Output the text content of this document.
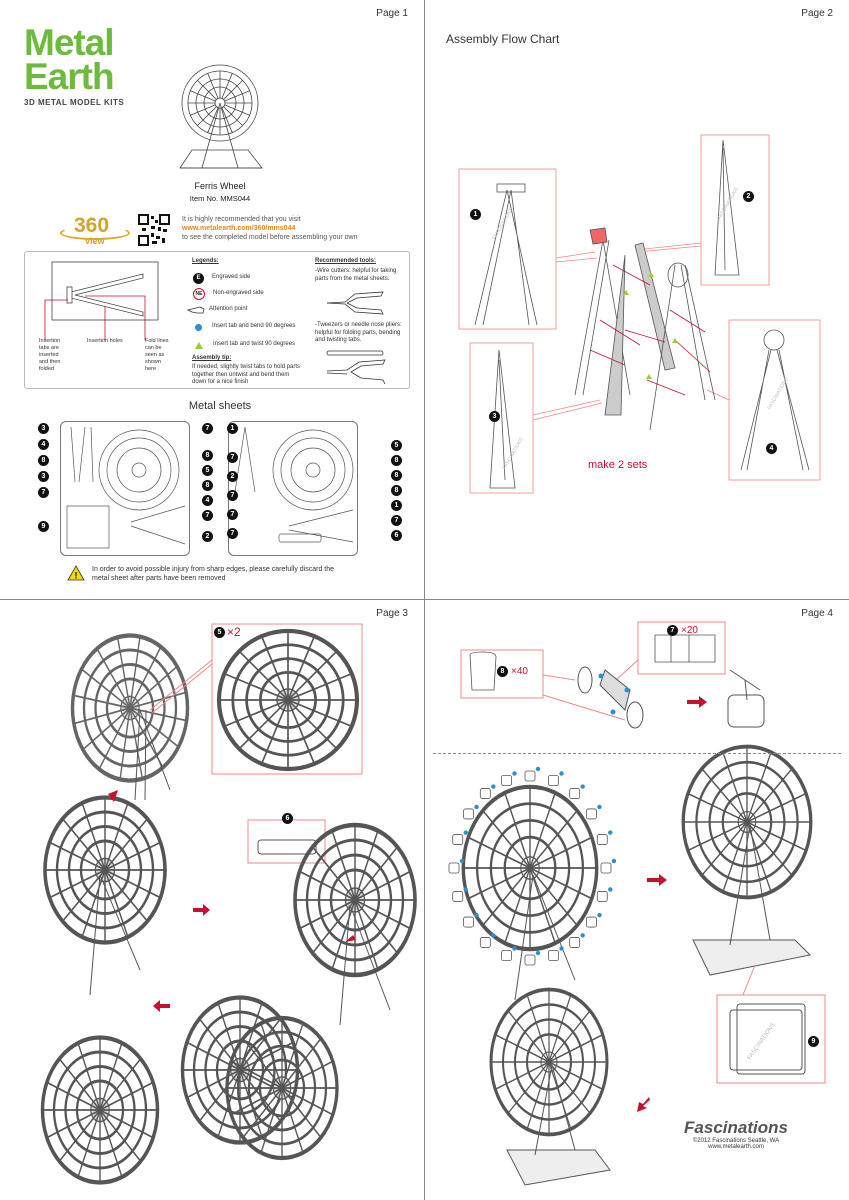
Page 1
Metal
Earth
3D METAL MODEL KITS
Ferris Wheel
Item No. MMS044
360
view
It is highly recommended that you visit
www.metalearth.com/360/mms044
to see the completed model before assembling your own
Insertion tabs are inserted and then folded
Insertion holes	Fold lines can be seen as shown here
Legends:
E	Engraved side
NE	Non-engraved side
Attention point
Insert tab and bend 90 degrees
Insert tab and twist 90 degrees
Assembly tip:
If needed, slightly twist tabs to hold parts together then untwist and bend them down for a nice finish
Recommended tools:
-Wire cutters: helpful for taking parts from the metal sheets.
-Tweezers or needle nose pliers: helpful for folding parts, bending and twisting tabs.
Metal sheets
3
4
8
3
7
9
7
8
5
8
4
7
2
1
7
2
7
7
7
5
8
8
8
1
7
6
!
In order to avoid possible injury from sharp edges, please carefully discard the metal sheet after parts have been removed
Page 2
Assembly Flow Chart
FASCINATIONS
FASCINATIONS
FASCINATIONS
FASCINATIONS
1
2
3
4
make 2 sets
Page 3
5 ×2
6
Page 4
FASCINATIONS
8 ×40
7 ×20
9
Fascinations
©2012 Fascinations Seattle, WA
www.metalearth.com
